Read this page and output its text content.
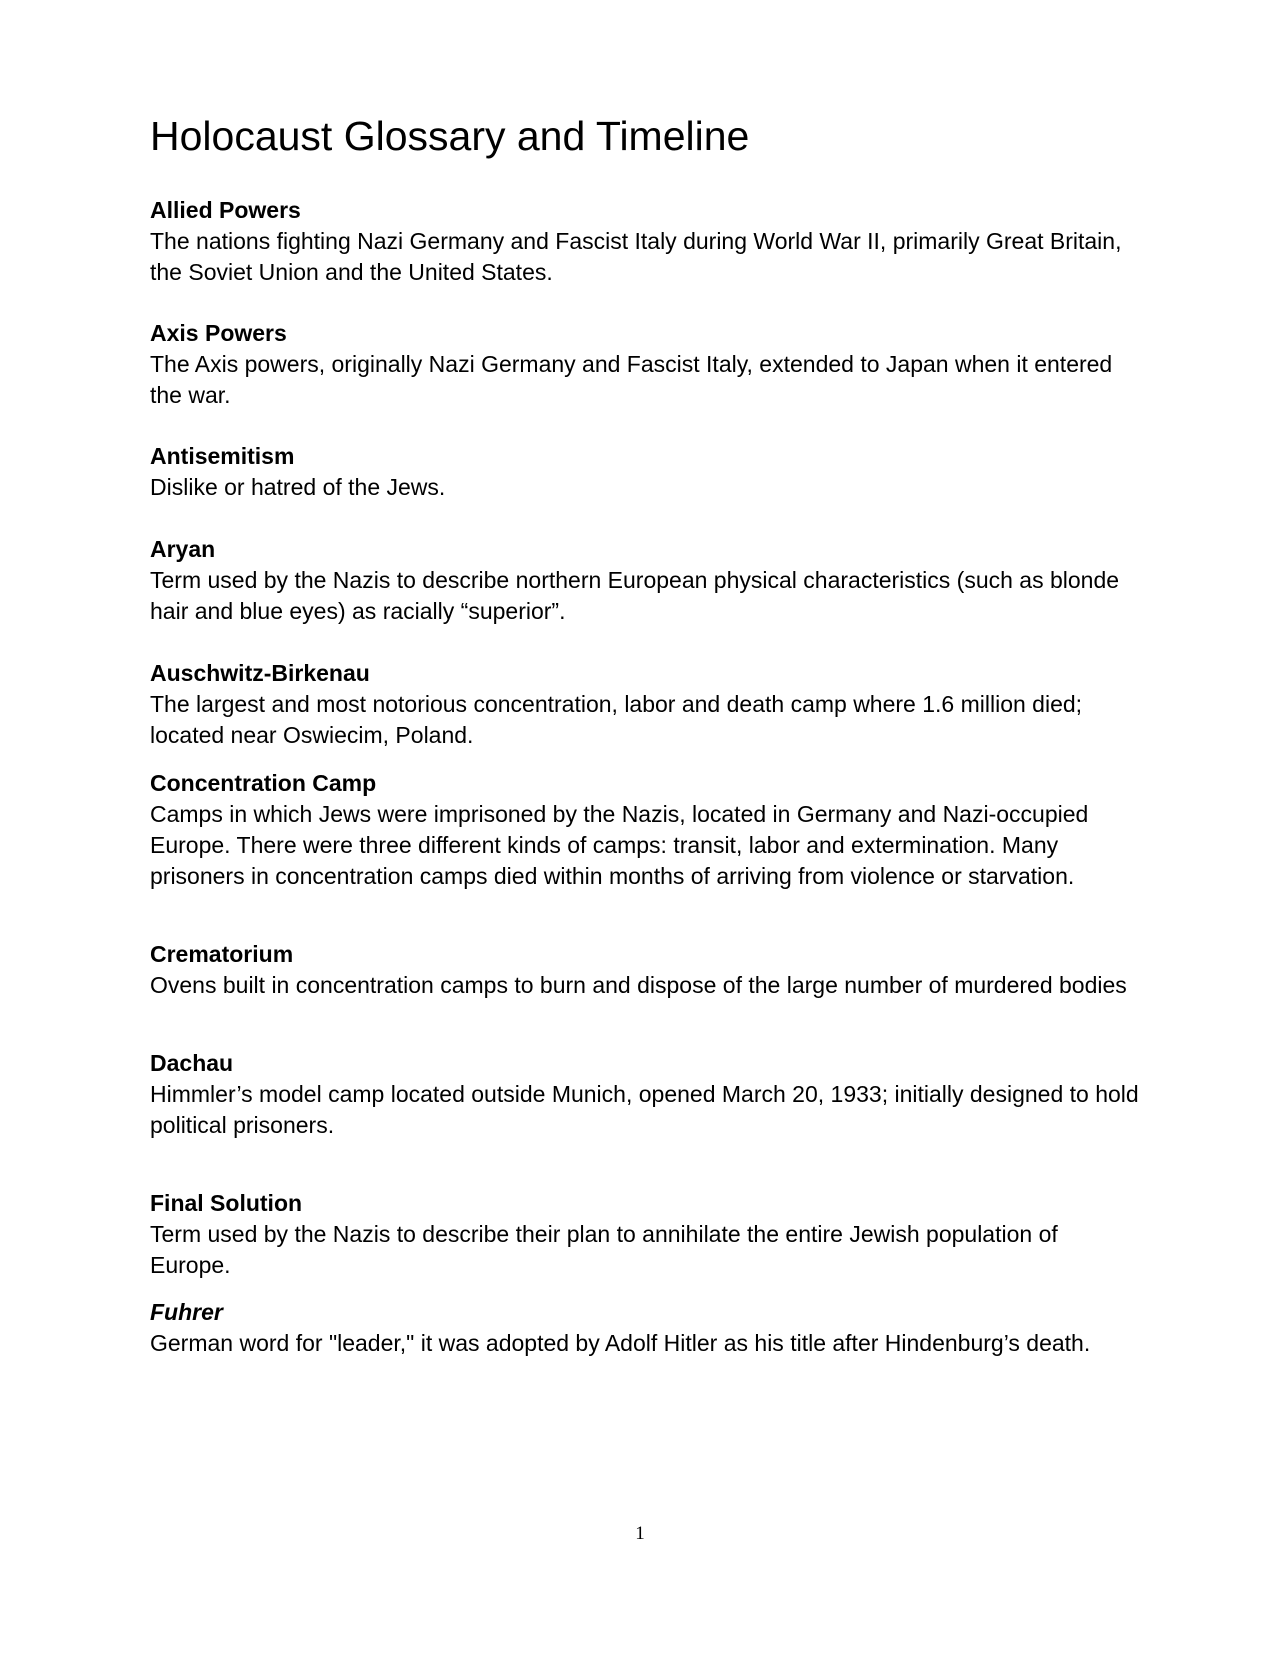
Holocaust Glossary and Timeline
Allied Powers

The nations fighting Nazi Germany and Fascist Italy during World War II, primarily Great Britain, the Soviet Union and the United States.

Axis Powers

The Axis powers, originally Nazi Germany and Fascist Italy, extended to Japan when it entered the war.

Antisemitism

Dislike or hatred of the Jews.

Aryan

Term used by the Nazis to describe northern European physical characteristics (such as blonde hair and blue eyes) as racially “superior”.

Auschwitz-Birkenau

The largest and most notorious concentration, labor and death camp where 1.6 million died; located near Oswiecim, Poland.

Concentration Camp

Camps in which Jews were imprisoned by the Nazis, located in Germany and Nazi-occupied Europe. There were three different kinds of camps: transit, labor and extermination. Many prisoners in concentration camps died within months of arriving from violence or starvation.

Crematorium

Ovens built in concentration camps to burn and dispose of the large number of murdered bodies

Dachau

Himmler’s model camp located outside Munich, opened March 20, 1933; initially designed to hold political prisoners.

Final Solution

Term used by the Nazis to describe their plan to annihilate the entire Jewish population of Europe.

Fuhrer

German word for "leader," it was adopted by Adolf Hitler as his title after Hindenburg’s death.

1
